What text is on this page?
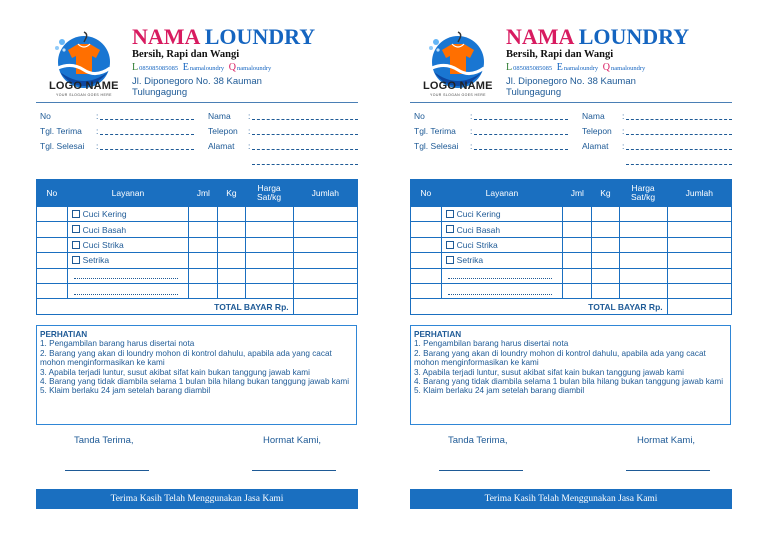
LOGO NAME
YOUR SLOGAN GOES HERE
NAMA LOUNDRY
Bersih, Rapi dan Wangi
L085085085085 Enamaloundry Qnamaloundry
Jl. Diponegoro No. 38 Kauman
Tulungagung
No	:
Tgl. Terima :
Tgl. Selesai :
Nama :
Telepon :
Alamat :
No	Layanan	Jml	Kg	Harga Sat/kg	Jumlah
	Cuci Kering				
	Cuci Basah				
	Cuci Strika				
	Setrika				

TOTAL BAYAR Rp.					
PERHATIAN
1. Pengambilan barang harus disertai nota
2. Barang yang akan di loundry mohon di kontrol dahulu, apabila ada yang cacat mohon menginformasikan ke kami
3. Apabila terjadi luntur, susut akibat sifat kain bukan tanggung jawab kami
4. Barang yang tidak diambila selama 1 bulan bila hilang bukan tanggung jawab kami
5. Klaim berlaku 24 jam setelah barang diambil
Tanda Terima,	Hormat Kami,
Terima Kasih Telah Menggunakan Jasa Kami
LOGO NAME
YOUR SLOGAN GOES HERE
NAMA LOUNDRY
Bersih, Rapi dan Wangi
L085085085085 Enamaloundry Qnamaloundry
Jl. Diponegoro No. 38 Kauman
Tulungagung
No	:
Tgl. Terima :
Tgl. Selesai :
Nama :
Telepon :
Alamat :
No	Layanan	Jml	Kg	Harga Sat/kg	Jumlah
	Cuci Kering				
	Cuci Basah				
	Cuci Strika				
	Setrika				

TOTAL BAYAR Rp.					
PERHATIAN
1. Pengambilan barang harus disertai nota
2. Barang yang akan di loundry mohon di kontrol dahulu, apabila ada yang cacat mohon menginformasikan ke kami
3. Apabila terjadi luntur, susut akibat sifat kain bukan tanggung jawab kami
4. Barang yang tidak diambila selama 1 bulan bila hilang bukan tanggung jawab kami
5. Klaim berlaku 24 jam setelah barang diambil
Tanda Terima,	Hormat Kami,
Terima Kasih Telah Menggunakan Jasa Kami
